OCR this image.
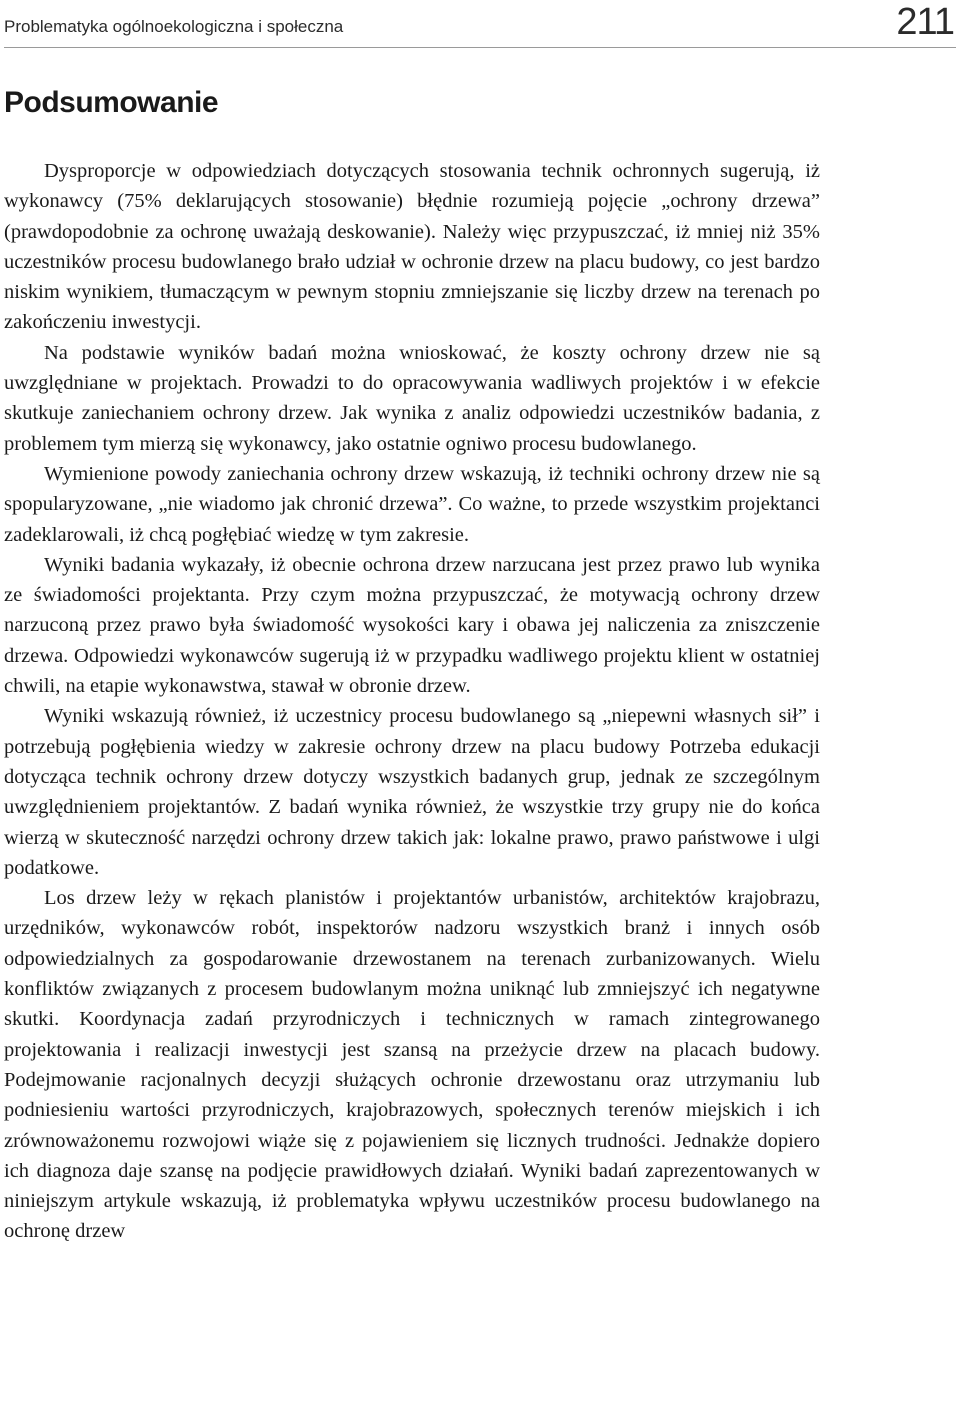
Problematyka ogólnoekologiczna i społeczna	211
Podsumowanie

Dysproporcje w odpowiedziach dotyczących stosowania technik ochronnych sugerują, iż wykonawcy (75% deklarujących stosowanie) błędnie rozumieją pojęcie „ochrony drzewa” (prawdopodobnie za ochronę uważają deskowanie). Należy więc przypuszczać, iż mniej niż 35% uczestników procesu budowlanego brało udział w ochronie drzew na placu budowy, co jest bardzo niskim wynikiem, tłumaczącym w pewnym stopniu zmniejszanie się liczby drzew na terenach po zakończeniu inwestycji.

Na podstawie wyników badań można wnioskować, że koszty ochrony drzew nie są uwzględniane w projektach. Prowadzi to do opracowywania wadliwych projektów i w efekcie skutkuje zaniechaniem ochrony drzew. Jak wynika z analiz odpowiedzi uczestników badania, z problemem tym mierzą się wykonawcy, jako ostatnie ogniwo procesu budowlanego.

Wymienione powody zaniechania ochrony drzew wskazują, iż techniki ochrony drzew nie są spopularyzowane, „nie wiadomo jak chronić drzewa”. Co ważne, to przede wszystkim projektanci zadeklarowali, iż chcą pogłębiać wiedzę w tym zakresie.

Wyniki badania wykazały, iż obecnie ochrona drzew narzucana jest przez prawo lub wynika ze świadomości projektanta. Przy czym można przypuszczać, że motywacją ochrony drzew narzuconą przez prawo była świadomość wysokości kary i obawa jej naliczenia za zniszczenie drzewa. Odpowiedzi wykonawców sugerują iż w przypadku wadliwego projektu klient w ostatniej chwili, na etapie wykonawstwa, stawał w obronie drzew.

Wyniki wskazują również, iż uczestnicy procesu budowlanego są „niepewni własnych sił” i potrzebują pogłębienia wiedzy w zakresie ochrony drzew na placu budowy Potrzeba edukacji dotycząca technik ochrony drzew dotyczy wszystkich badanych grup, jednak ze szczególnym uwzględnieniem projektantów. Z badań wynika również, że wszystkie trzy grupy nie do końca wierzą w skuteczność narzędzi ochrony drzew takich jak: lokalne prawo, prawo państwowe i ulgi podatkowe.

Los drzew leży w rękach planistów i projektantów urbanistów, architektów krajobrazu, urzędników, wykonawców robót, inspektorów nadzoru wszystkich branż i innych osób odpowiedzialnych za gospodarowanie drzewostanem na terenach zurbanizowanych. Wielu konfliktów związanych z procesem budowlanym można uniknąć lub zmniejszyć ich negatywne skutki. Koordynacja zadań przyrodniczych i technicznych w ramach zintegrowanego projektowania i realizacji inwestycji jest szansą na przeżycie drzew na placach budowy. Podejmowanie racjonalnych decyzji służących ochronie drzewostanu oraz utrzymaniu lub podniesieniu wartości przyrodniczych, krajobrazowych, społecznych terenów miejskich i ich zrównoważonemu rozwojowi wiąże się z pojawieniem się licznych trudności. Jednakże dopiero ich diagnoza daje szansę na podjęcie prawidłowych działań. Wyniki badań zaprezentowanych w niniejszym artykule wskazują, iż problematyka wpływu uczestników procesu budowlanego na ochronę drzew
